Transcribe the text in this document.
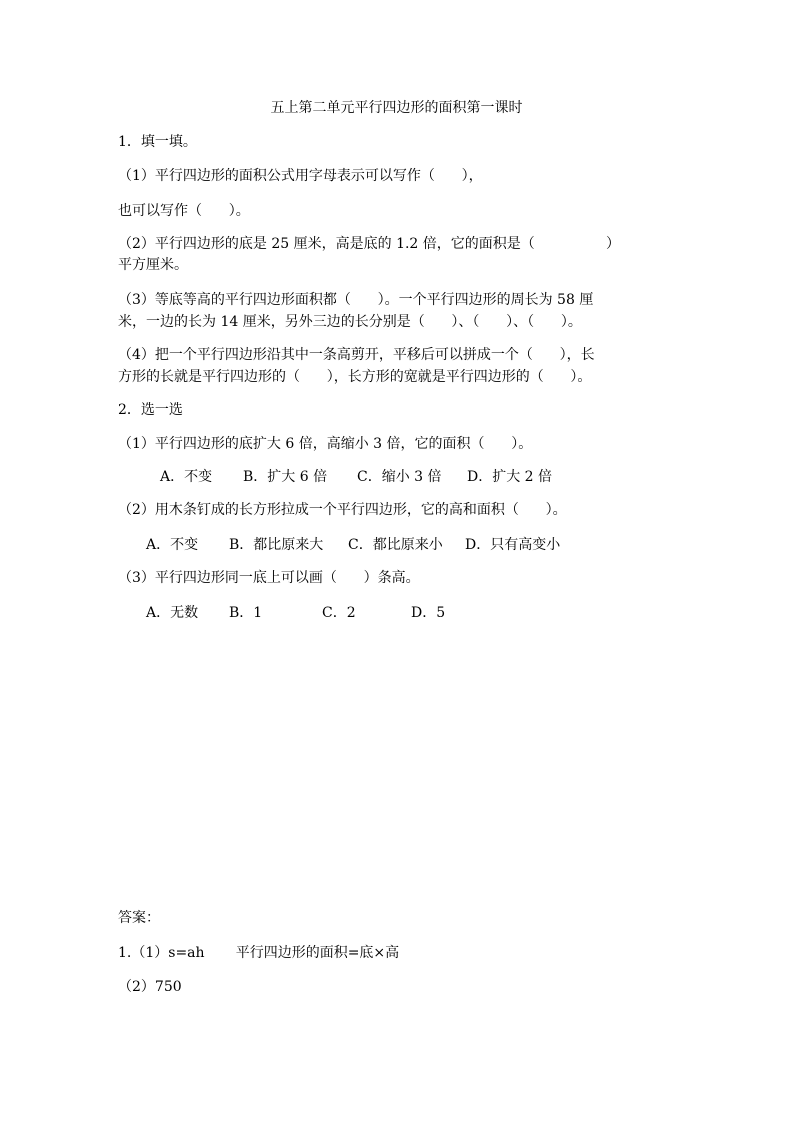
五上第二单元平行四边形的面积第一课时
1．填一填。
（1）平行四边形的面积公式用字母表示可以写作（      ），
也可以写作（      ）。
（2）平行四边形的底是 25 厘米，高是底的 1.2 倍，它的面积是（                ）
平方厘米。
（3）等底等高的平行四边形面积都（      ）。一个平行四边形的周长为 58 厘
米，一边的长为 14 厘米，另外三边的长分别是（      ）、（      ）、（      ）。
（4）把一个平行四边形沿其中一条高剪开，平移后可以拼成一个（      ），长
方形的长就是平行四边形的（      ），长方形的宽就是平行四边形的（      ）。
2．选一选
（1）平行四边形的底扩大 6 倍，高缩小 3 倍，它的面积（      ）。
A．不变 B．扩大 6 倍 C．缩小 3 倍 D．扩大 2 倍
（2）用木条钉成的长方形拉成一个平行四边形，它的高和面积（      ）。
A．不变 B．都比原来大 C．都比原来小 D．只有高变小
（3）平行四边形同一底上可以画（      ）条高。
A．无数 B．1	C．2	D．5
答案：
1.（1）s=ah       平行四边形的面积=底×高
（2）750
